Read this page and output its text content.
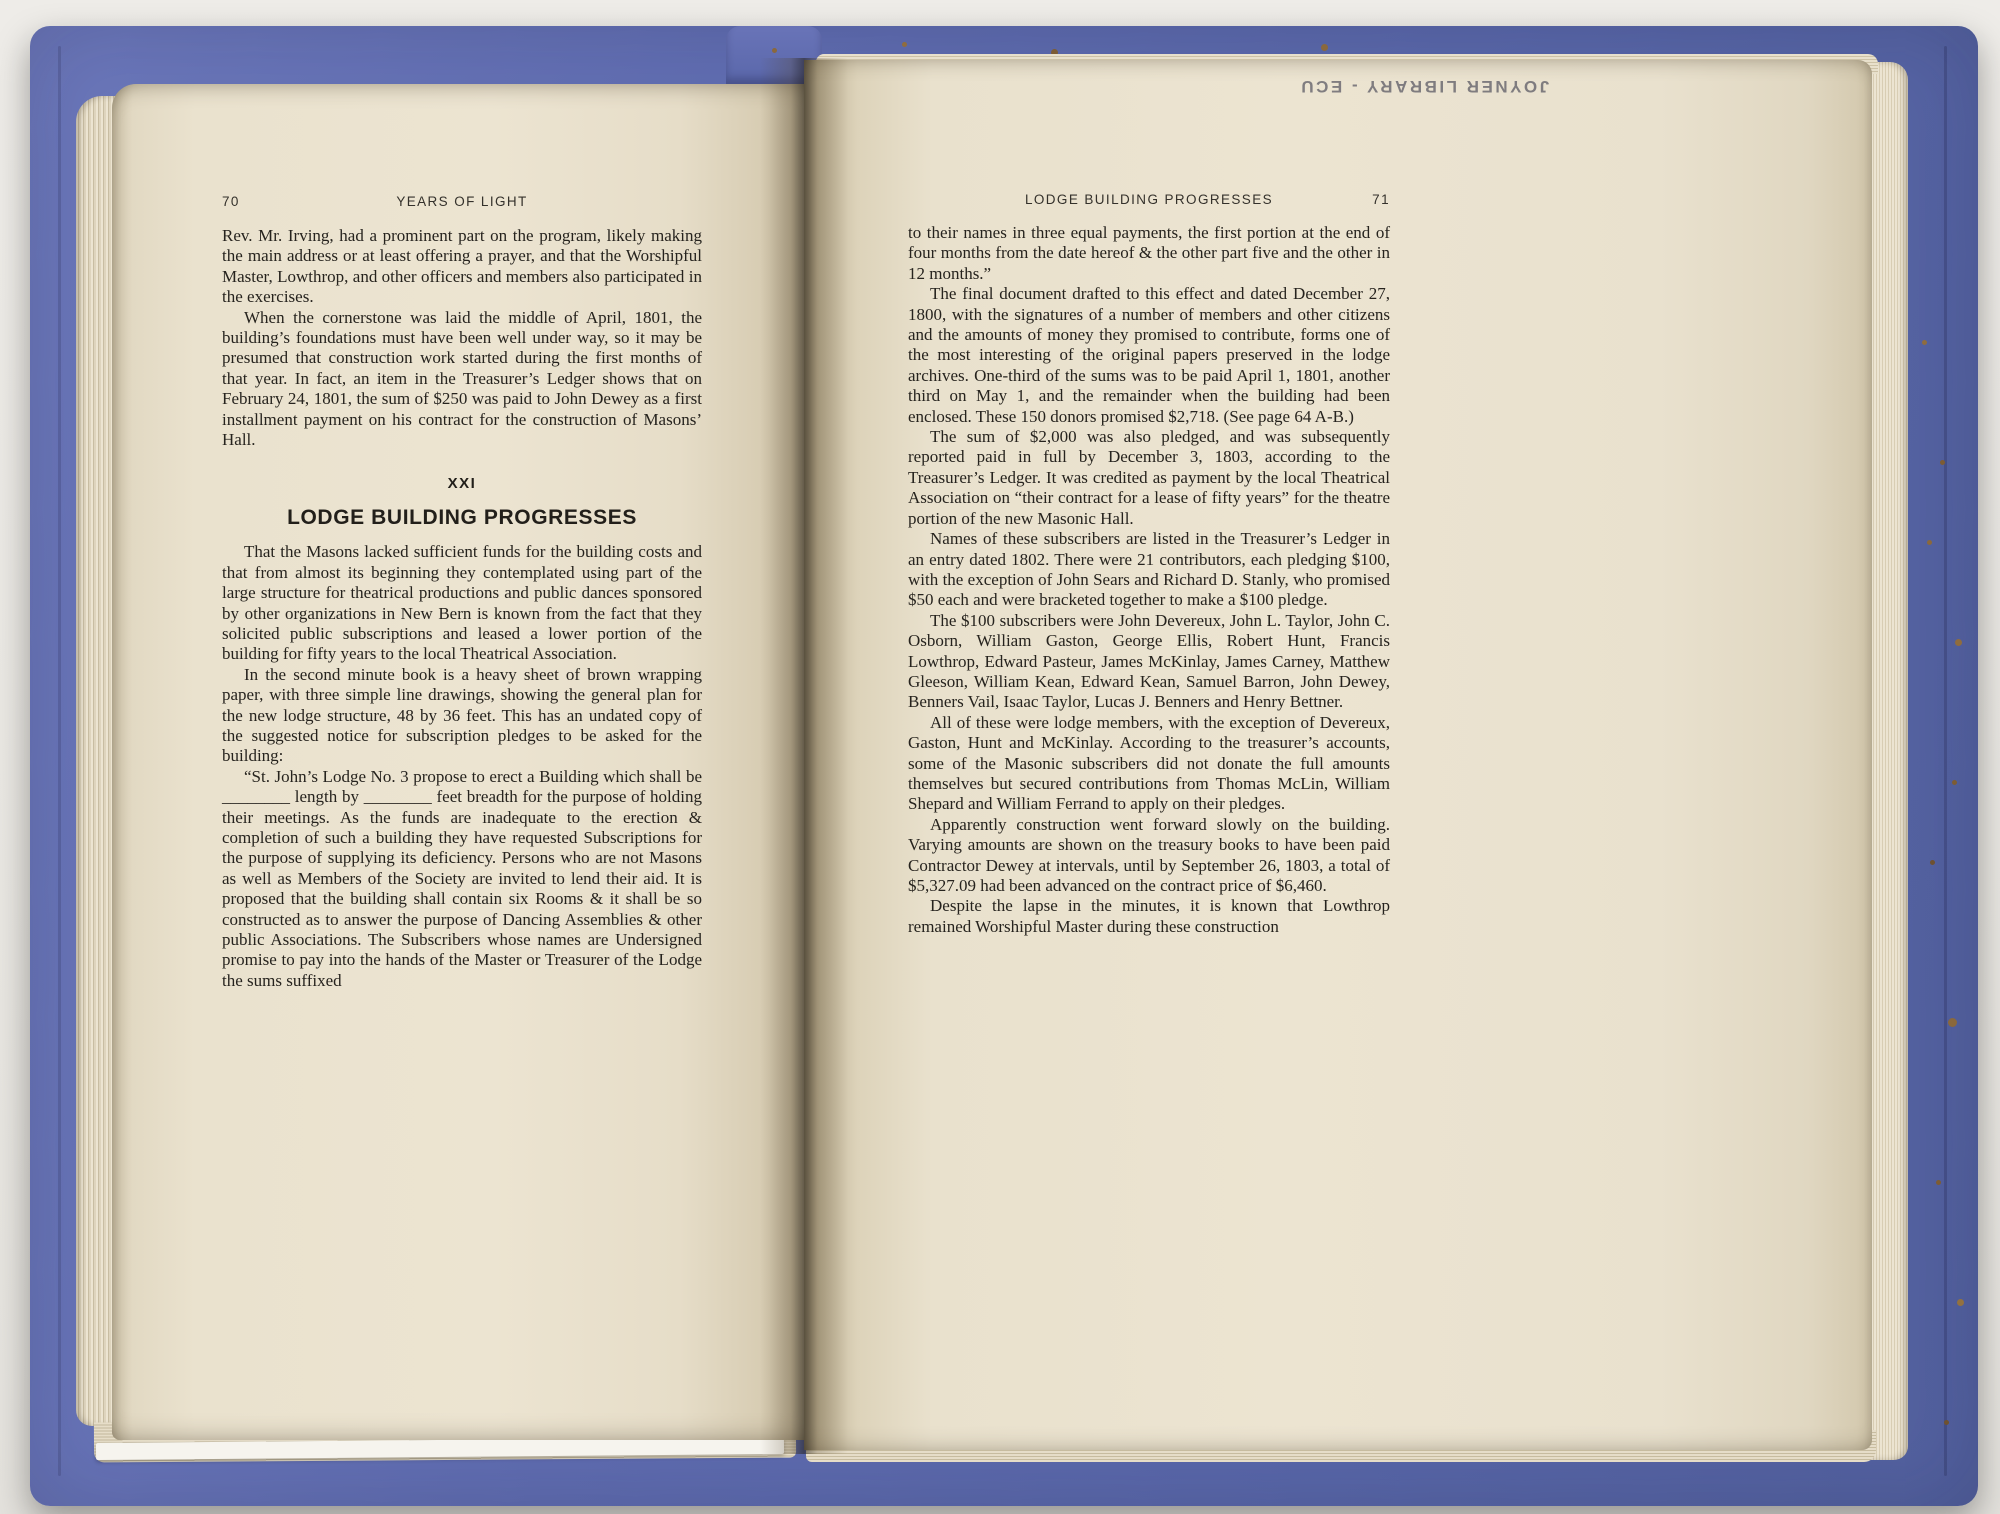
70	YEARS OF LIGHT

Rev. Mr. Irving, had a prominent part on the program, likely making the main address or at least offering a prayer, and that the Worshipful Master, Lowthrop, and other officers and members also participated in the exercises.

When the cornerstone was laid the middle of April, 1801, the building’s foundations must have been well under way, so it may be presumed that construction work started during the first months of that year. In fact, an item in the Treasurer’s Ledger shows that on February 24, 1801, the sum of $250 was paid to John Dewey as a first installment payment on his contract for the construction of Masons’ Hall.

XXI
LODGE BUILDING PROGRESSES

That the Masons lacked sufficient funds for the building costs and that from almost its beginning they contemplated using part of the large structure for theatrical productions and public dances sponsored by other organizations in New Bern is known from the fact that they solicited public subscriptions and leased a lower portion of the building for fifty years to the local Theatrical Association.

In the second minute book is a heavy sheet of brown wrapping paper, with three simple line drawings, showing the general plan for the new lodge structure, 48 by 36 feet. This has an undated copy of the suggested notice for subscription pledges to be asked for the building:

“St. John’s Lodge No. 3 propose to erect a Building which shall be ________ length by ________ feet breadth for the purpose of holding their meetings. As the funds are inadequate to the erection & completion of such a building they have requested Subscriptions for the purpose of supplying its deficiency. Persons who are not Masons as well as Members of the Society are invited to lend their aid. It is proposed that the building shall contain six Rooms & it shall be so constructed as to answer the purpose of Dancing Assemblies & other public Associations. The Subscribers whose names are Undersigned promise to pay into the hands of the Master or Treasurer of the Lodge the sums suffixed

JOYNER LIBRARY - ECU
LODGE BUILDING PROGRESSES	71

to their names in three equal payments, the first portion at the end of four months from the date hereof & the other part five and the other in 12 months.”

The final document drafted to this effect and dated December 27, 1800, with the signatures of a number of members and other citizens and the amounts of money they promised to contribute, forms one of the most interesting of the original papers preserved in the lodge archives. One-third of the sums was to be paid April 1, 1801, another third on May 1, and the remainder when the building had been enclosed. These 150 donors promised $2,718. (See page 64 A-B.)

The sum of $2,000 was also pledged, and was subsequently reported paid in full by December 3, 1803, according to the Treasurer’s Ledger. It was credited as payment by the local Theatrical Association on “their contract for a lease of fifty years” for the theatre portion of the new Masonic Hall.

Names of these subscribers are listed in the Treasurer’s Ledger in an entry dated 1802. There were 21 contributors, each pledging $100, with the exception of John Sears and Richard D. Stanly, who promised $50 each and were bracketed together to make a $100 pledge.

The $100 subscribers were John Devereux, John L. Taylor, John C. Osborn, William Gaston, George Ellis, Robert Hunt, Francis Lowthrop, Edward Pasteur, James McKinlay, James Carney, Matthew Gleeson, William Kean, Edward Kean, Samuel Barron, John Dewey, Benners Vail, Isaac Taylor, Lucas J. Benners and Henry Bettner.

All of these were lodge members, with the exception of Devereux, Gaston, Hunt and McKinlay. According to the treasurer’s accounts, some of the Masonic subscribers did not donate the full amounts themselves but secured contributions from Thomas McLin, William Shepard and William Ferrand to apply on their pledges.

Apparently construction went forward slowly on the building. Varying amounts are shown on the treasury books to have been paid Contractor Dewey at intervals, until by September 26, 1803, a total of $5,327.09 had been advanced on the contract price of $6,460.

Despite the lapse in the minutes, it is known that Lowthrop remained Worshipful Master during these construction
